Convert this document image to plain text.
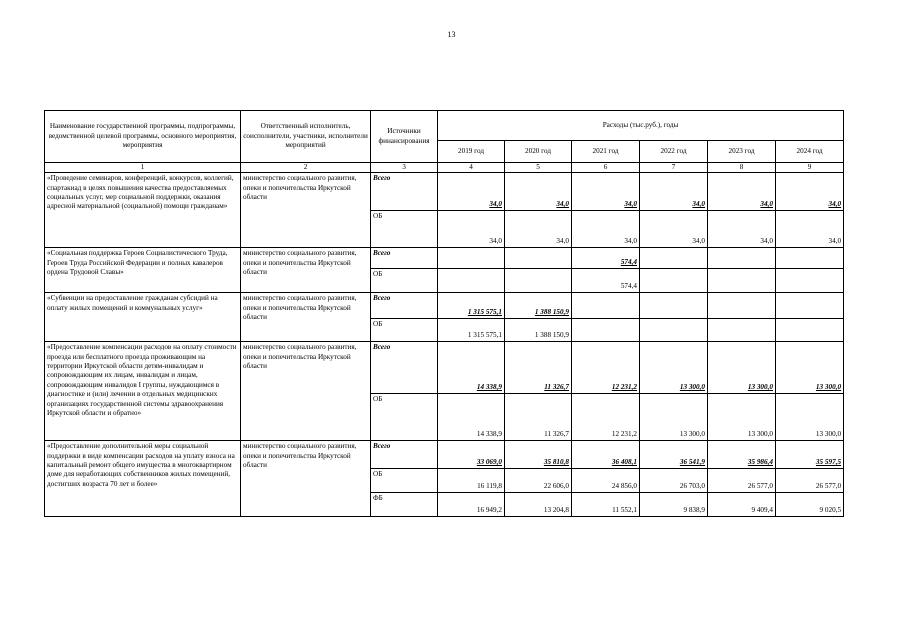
13
Наименование государственной программы, подпрограммы, ведомственной целевой программы, основного мероприятия, мероприятия	Ответственный исполнитель, соисполнители, участники, исполнители мероприятий	Источники финансирования	Расходы (тыс.руб.), годы					
			2019 год	2020 год	2021 год	2022 год	2023 год	2024 год
1	2	3	4	5	6	7	8	9
«Проведение семинаров, конференций, конкурсов, коллегий, спартакиад в целях повышения качества предоставляемых социальных услуг, мер социальной поддержки, оказания адресной материальной (социальной) помощи гражданам»	министерство социального развития, опеки и попечительства Иркутской области	Всего	34,0	34,0	34,0	34,0	34,0	34,0
		ОБ	34,0	34,0	34,0	34,0	34,0	34,0
«Социальная поддержка Героев Социалистического Труда, Героев Труда Российской Федерации и полных кавалеров ордена Трудовой Славы»	министерство социального развития, опеки и попечительства Иркутской области	Всего			574,4			
		ОБ			574,4			
«Субвенции на предоставление гражданам субсидий на оплату жилых помещений и коммунальных услуг»	министерство социального развития, опеки и попечительства Иркутской области	Всего	1 315 575,1	1 388 150,9				
		ОБ	1 315 575,1	1 388 150,9				
«Предоставление компенсации расходов на оплату стоимости проезда или бесплатного проезда проживающим на территории Иркутской области детям-инвалидам и сопровождающим их лицам, инвалидам и лицам, сопровождающим инвалидов I группы, нуждающимся в диагностике и (или) лечении в отдельных медицинских организациях государственной системы здравоохранения Иркутской области и обратно»	министерство социального развития, опеки и попечительства Иркутской области	Всего	14 338,9	11 326,7	12 231,2	13 300,0	13 300,0	13 300,0
		ОБ	14 338,9	11 326,7	12 231,2	13 300,0	13 300,0	13 300,0
«Предоставление дополнительной меры социальной поддержки в виде компенсации расходов на уплату взноса на капитальный ремонт общего имущества в многоквартирном доме для неработающих собственников жилых помещений, достигших возраста 70 лет и более»	министерство социального развития, опеки и попечительства Иркутской области	Всего	33 069,0	35 810,8	36 408,1	36 541,9	35 986,4	35 597,5
		ОБ	16 119,8	22 606,0	24 856,0	26 703,0	26 577,0	26 577,0
		ФБ	16 949,2	13 204,8	11 552,1	9 838,9	9 409,4	9 020,5
